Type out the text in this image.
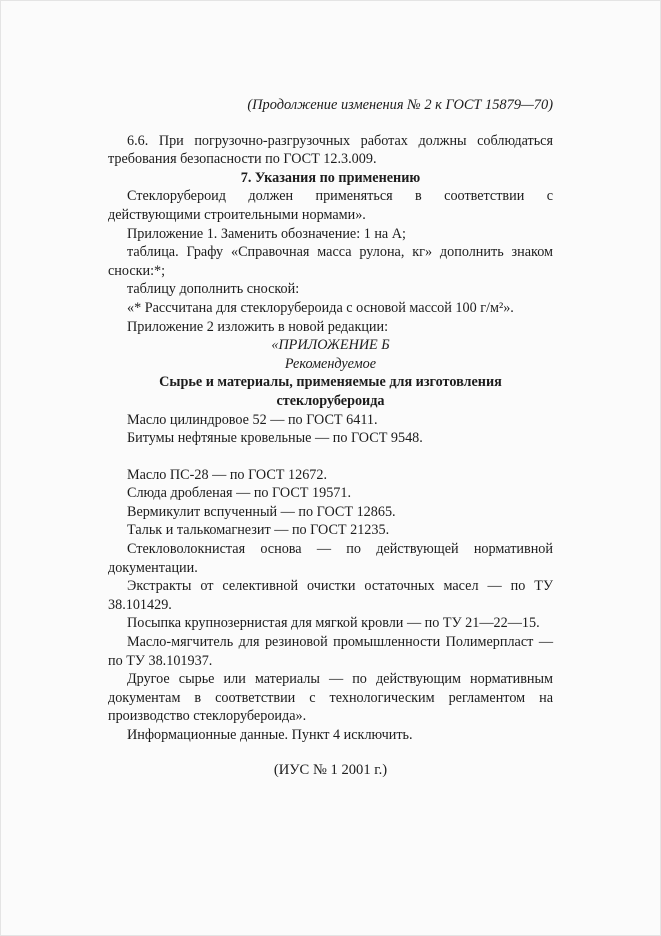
(Продолжение изменения № 2 к ГОСТ 15879—70)

6.6. При погрузочно-разгрузочных работах должны соблюдаться требования безопасности по ГОСТ 12.3.009.

7. Указания по применению

Стеклорубероид должен применяться в соответствии с действующими строительными нормами».

Приложение 1. Заменить обозначение: 1 на А;

таблица. Графу «Справочная масса рулона, кг» дополнить знаком сноски:*;

таблицу дополнить сноской:

«* Рассчитана для стеклорубероида с основой массой 100 г/м²».

Приложение 2 изложить в новой редакции:

«ПРИЛОЖЕНИЕ Б

Рекомендуемое

Сырье и материалы, применяемые для изготовления стеклорубероида

Масло цилиндровое 52 — по ГОСТ 6411.

Битумы нефтяные кровельные — по ГОСТ 9548.

Масло ПС-28 — по ГОСТ 12672.

Слюда дробленая — по ГОСТ 19571.

Вермикулит вспученный — по ГОСТ 12865.

Тальк и талькомагнезит — по ГОСТ 21235.

Стекловолокнистая основа — по действующей нормативной документации.

Экстракты от селективной очистки остаточных масел — по ТУ 38.101429.

Посыпка крупнозернистая для мягкой кровли — по ТУ 21—22—15.

Масло-мягчитель для резиновой промышленности Полимерпласт — по ТУ 38.101937.

Другое сырье или материалы — по действующим нормативным документам в соответствии с технологическим регламентом на производство стеклорубероида».

Информационные данные. Пункт 4 исключить.

(ИУС № 1 2001 г.)
